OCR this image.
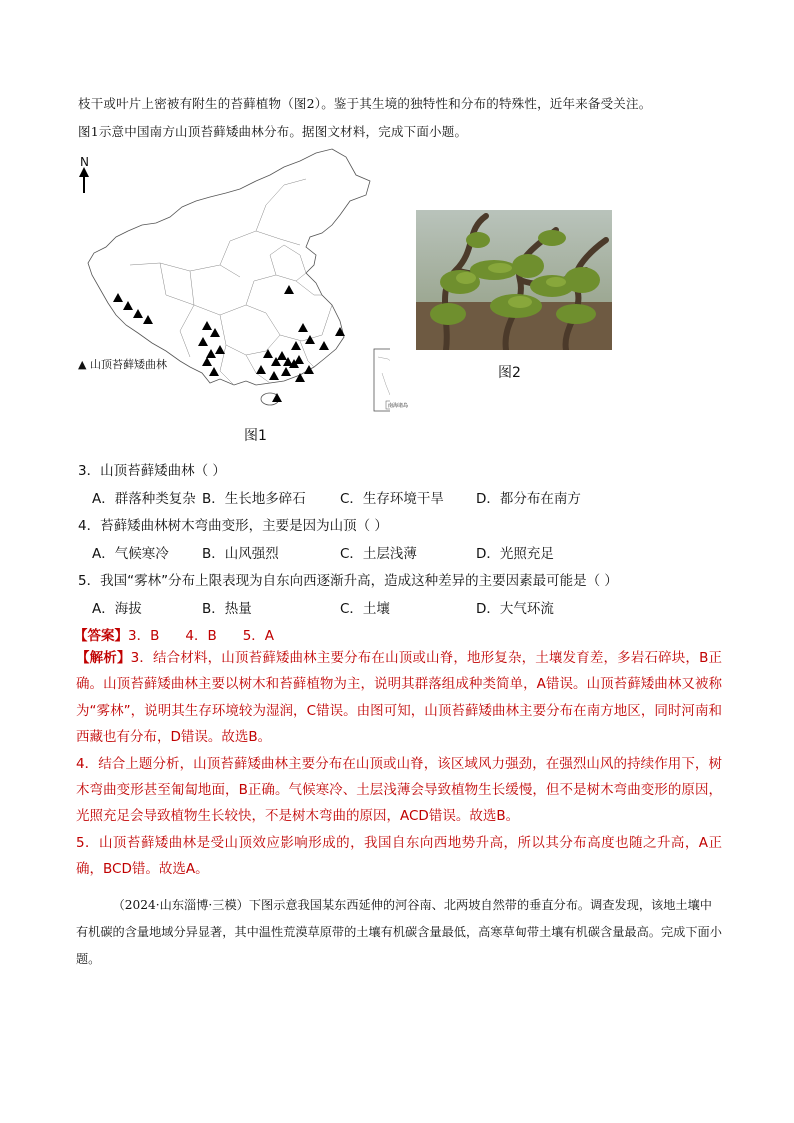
枝干或叶片上密被有附生的苔藓植物（图2）。鉴于其生境的独特性和分布的特殊性，近年来备受关注。
图1示意中国南方山顶苔藓矮曲林分布。据图文材料，完成下面小题。
N
南海诸岛
▲ 山顶苔藓矮曲林
图1
图2
3．山顶苔藓矮曲林（ ）
A．群落种类复杂 B．生长地多碎石	C．生存环境干旱	D．都分布在南方
4．苔藓矮曲林树木弯曲变形，主要是因为山顶（ ）
A．气候寒冷	B．山风强烈	C．土层浅薄	D．光照充足
5．我国“雾林”分布上限表现为自东向西逐渐升高，造成这种差异的主要因素最可能是（ ）
A．海拔	B．热量	C．土壤	D．大气环流
【答案】3．B 4．B 5．A

【解析】3．结合材料，山顶苔藓矮曲林主要分布在山顶或山脊，地形复杂，土壤发育差，多岩石碎块，B正确。山顶苔藓矮曲林主要以树木和苔藓植物为主，说明其群落组成种类简单，A错误。山顶苔藓矮曲林又被称为“雾林”，说明其生存环境较为湿润，C错误。由图可知，山顶苔藓矮曲林主要分布在南方地区，同时河南和西藏也有分布，D错误。故选B。

4．结合上题分析，山顶苔藓矮曲林主要分布在山顶或山脊，该区域风力强劲，在强烈山风的持续作用下，树木弯曲变形甚至匍匐地面，B正确。气候寒冷、土层浅薄会导致植物生长缓慢，但不是树木弯曲变形的原因，光照充足会导致植物生长较快，不是树木弯曲的原因，ACD错误。故选B。

5．山顶苔藓矮曲林是受山顶效应影响形成的，我国自东向西地势升高，所以其分布高度也随之升高，A正确，BCD错。故选A。

（2024·山东淄博·三模）下图示意我国某东西延伸的河谷南、北两坡自然带的垂直分布。调查发现，该地土壤中有机碳的含量地域分异显著，其中温性荒漠草原带的土壤有机碳含量最低，高寒草甸带土壤有机碳含量最高。完成下面小题。
